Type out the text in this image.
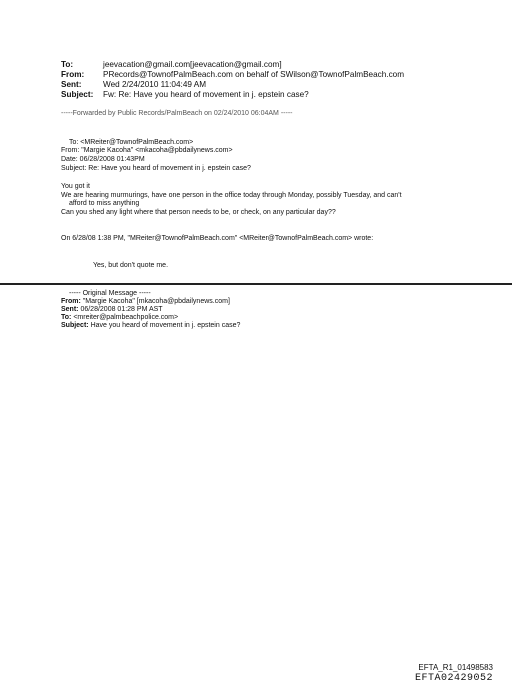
To:	jeevacation@gmail.com[jeevacation@gmail.com]
From: PRecords@TownofPalmBeach.com on behalf of SWilson@TownofPalmBeach.com
Sent:	Wed 2/24/2010 11:04:49 AM
Subject: Fw: Re: Have you heard of movement in j. epstein case?
-----Forwarded by Public Records/PalmBeach on 02/24/2010 06:04AM -----
To: <MReiter@TownofPalmBeach.com>
From: "Margie Kacoha" <mkacoha@pbdailynews.com>
Date: 06/28/2008 01:43PM
Subject: Re: Have you heard of movement in j. epstein case?
You got it
We are hearing murmurings, have one person in the office today through Monday, possibly Tuesday, and can't
afford to miss anything
Can you shed any light where that person needs to be, or check, on any particular day??
On 6/28/08 1:38 PM, "MReiter@TownofPalmBeach.com" <MReiter@TownofPalmBeach.com> wrote:
Yes, but don't quote me.
----- Original Message -----
From: "Margie Kacoha" [mkacoha@pbdailynews.com]
Sent: 06/28/2008 01:28 PM AST
To: <mreiter@palmbeachpolice.com>
Subject: Have you heard of movement in j. epstein case?
EFTA_R1_01498583
EFTA02429052
